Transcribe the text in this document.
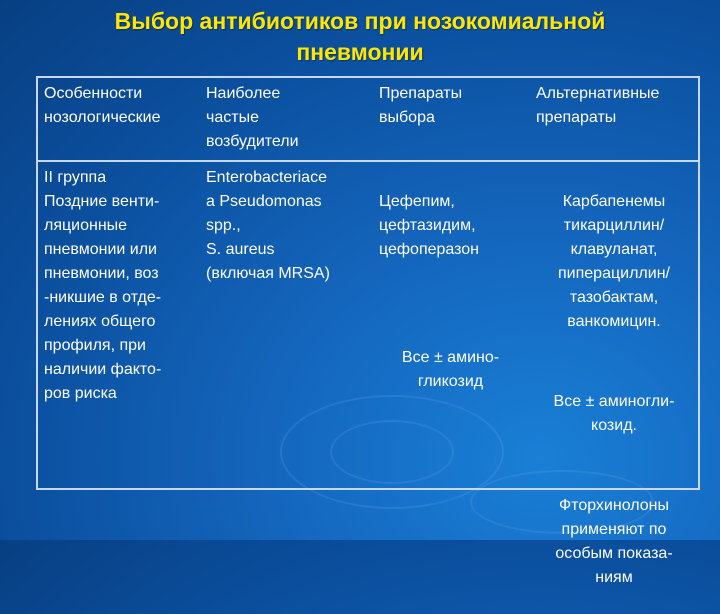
Выбор антибиотиков при нозокомиальной
пневмонии
Особенности
нозологические
Наиболее
частые
возбудители
Препараты
выбора
Альтернативные
препараты
II группа
Поздние венти-
ляционные
пневмонии или
пневмонии, воз
-никшие в отде-
лениях общего
профиля, при
наличии факто-
ров риска
Enterobacteriace
a Pseudomonas
spp.,
S. aureus
(включая MRSA)

Цефепим,
цефтазидим,
цефоперазон

Все ± амино-
гликозид

Карбапенемы
тикарциллин/
клавуланат,
пиперациллин/
тазобактам,
ванкомицин.

Все ± аминогли-
козид.

Фторхинолоны
применяют по
особым показа-
ниям
